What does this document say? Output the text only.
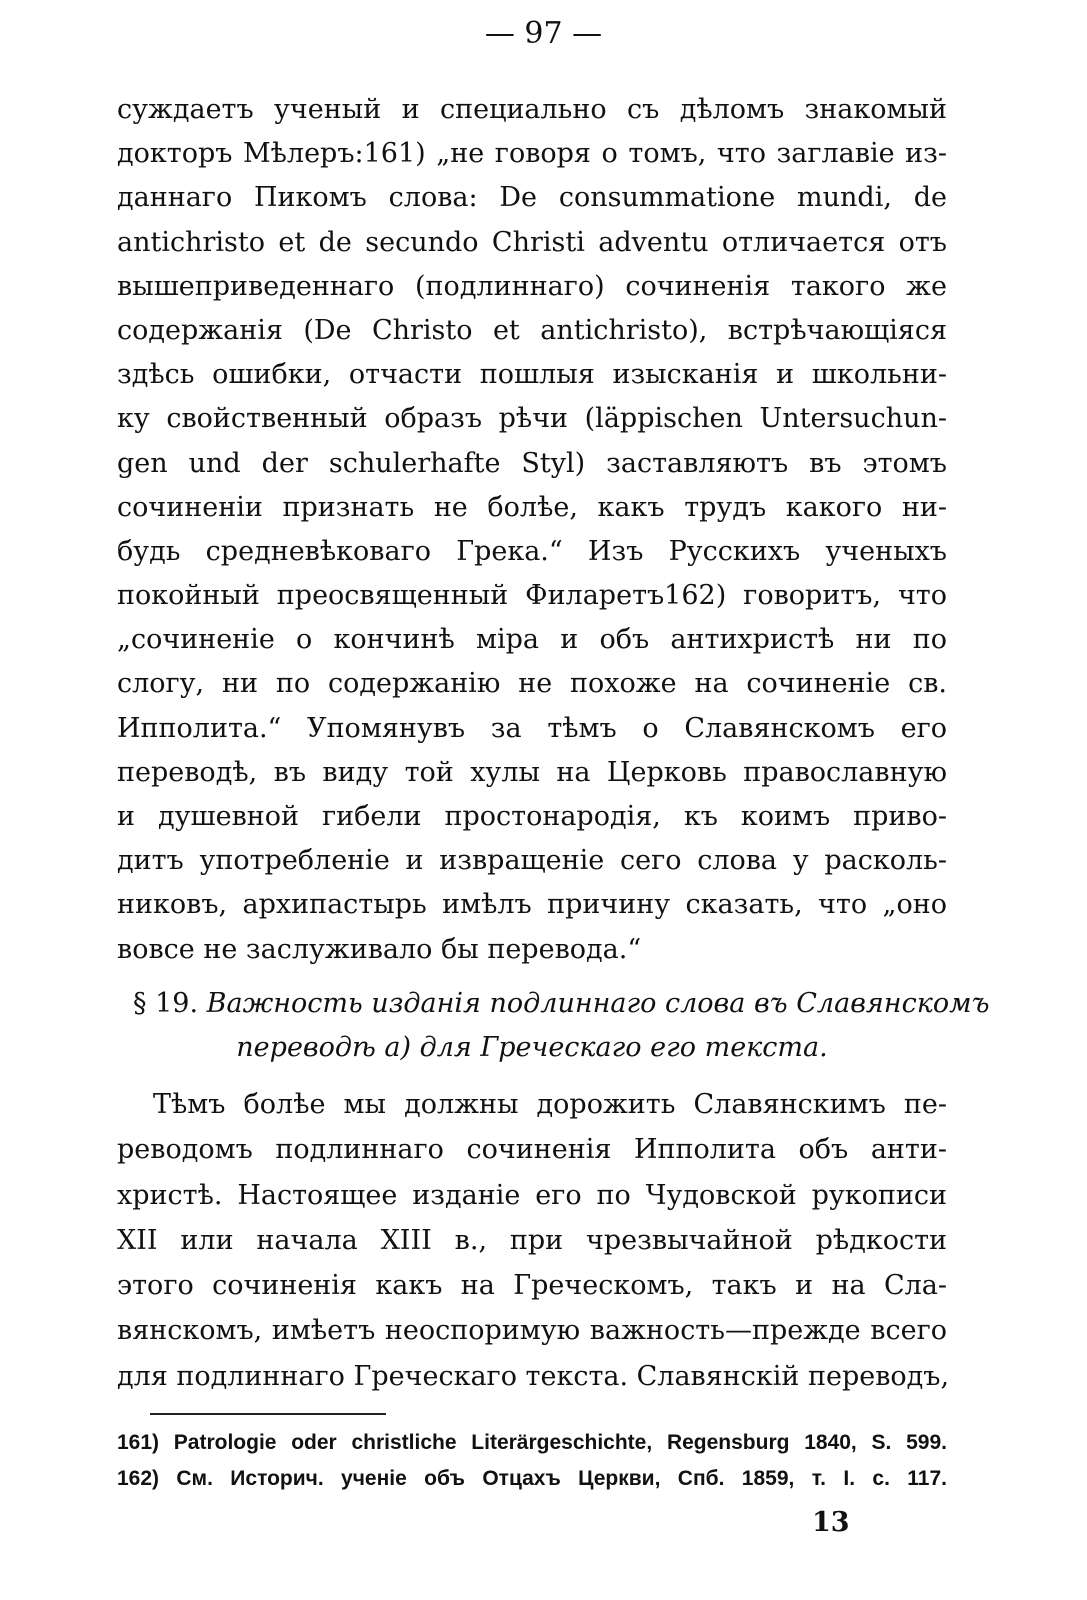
— 97 —
суждаетъ ученый и специально съ дѣломъ знакомый
докторъ Мѣлеръ:161) „не говоря о томъ, что заглавіе из-
даннаго Пикомъ слова: De consummatione mundi, de
antichristo et de secundo Christi adventu отличается отъ
вышеприведеннаго (подлиннаго) сочиненія такого же
содержанія (De Christo et antichristo), встрѣчающіяся
здѣсь ошибки, отчасти пошлыя изысканія и школьни-
ку свойственный образъ рѣчи (läppischen Untersuchun-
gen und der schulerhafte Styl) заставляютъ въ этомъ
сочиненіи признать не болѣе, какъ трудъ какого ни-
будь средневѣковаго Грека.“ Изъ Русскихъ ученыхъ
покойный преосвященный Филаретъ162) говоритъ, что
„сочиненіе о кончинѣ міра и объ антихристѣ ни по
слогу, ни по содержанію не похоже на сочиненіе св.
Ипполита.“ Упомянувъ за тѣмъ о Славянскомъ его
переводѣ, въ виду той хулы на Церковь православную
и душевной гибели простонародія, къ коимъ приво-
дитъ употребленіе и извращеніе сего слова у расколь-
никовъ, архипастырь имѣлъ причину сказать, что „оно
вовсе не заслуживало бы перевода.“
§ 19. Важность изданія подлиннаго слова въ Славянскомъ
переводѣ а) для Греческаго его текста.
Тѣмъ болѣе мы должны дорожить Славянскимъ пе-
реводомъ подлиннаго сочиненія Ипполита объ анти-
христѣ. Настоящее изданіе его по Чудовской рукописи
XII или начала XIII в., при чрезвычайной рѣдкости
этого сочиненія какъ на Греческомъ, такъ и на Сла-
вянскомъ, имѣетъ неоспоримую важность—прежде всего
для подлиннаго Греческаго текста. Славянскій переводъ,
161) Patrologie oder christliche Literärgeschichte, Regensburg 1840, S. 599.
162) См. Историч. ученіе объ Отцахъ Церкви, Спб. 1859, т. I. с. 117.
13
